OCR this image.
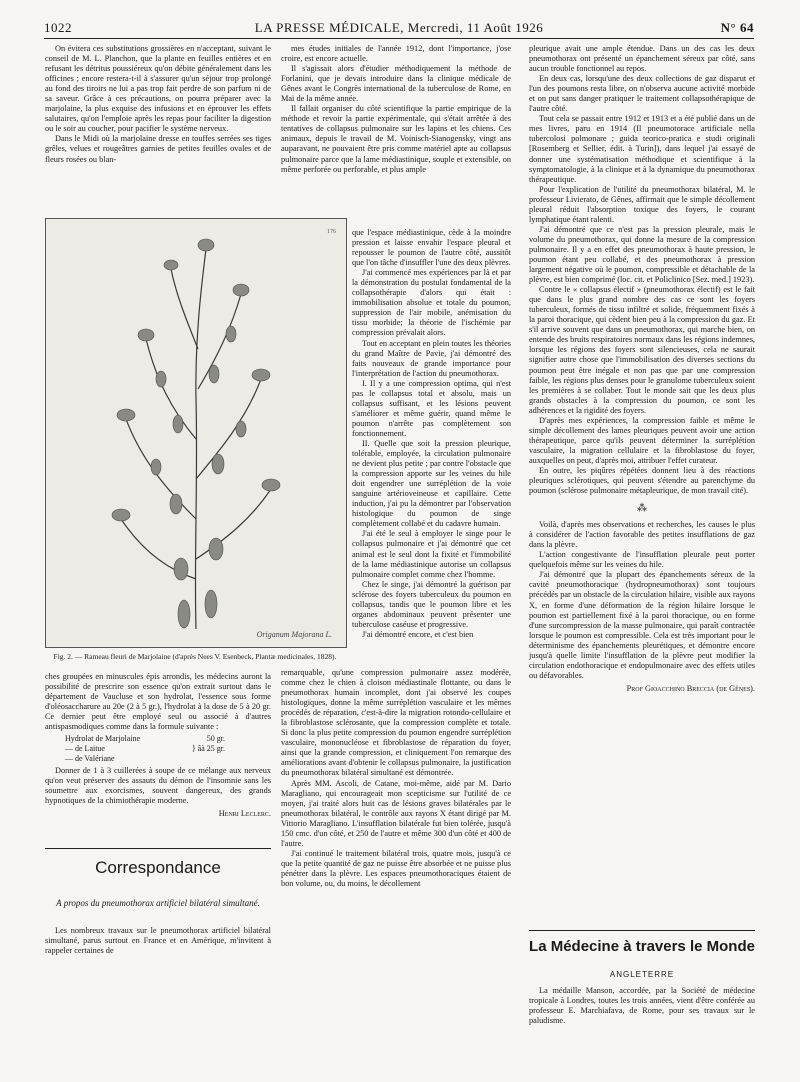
1022	LA PRESSE MÉDICALE, Mercredi, 11 Août 1926	N° 64

On évitera ces substitutions grossières en n'acceptant, suivant le conseil de M. L. Planchon, que la plante en feuilles entières et en refusant les détritus poussiéreux qu'on débite généralement dans les officines ; encore restera-t-il à s'assurer qu'un séjour trop prolongé au fond des tiroirs ne lui a pas trop fait perdre de son parfum ni de sa saveur. Grâce à ces précautions, on pourra préparer avec la marjolaine, la plus exquise des infusions et en éprouver les effets salutaires, qu'on l'emploie après les repas pour faciliter la digestion ou le soir au coucher, pour pacifier le système nerveux.

Dans le Midi où la marjolaine dresse en touffes serrées ses tiges grêles, velues et rougeâtres garnies de petites feuilles ovales et de fleurs rosées ou blan-

176
Origanum Majorana L.
Fig. 2. — Rameau fleuri de Marjolaine (d'après Nees V. Esenbeck, Plantæ medicinales, 1828).

mes études initiales de l'année 1912, dont l'importance, j'ose croire, est encore actuelle.

Il s'agissait alors d'étudier méthodiquement la méthode de Forlanini, que je devais introduire dans la clinique médicale de Gênes avant le Congrès international de la tuberculose de Rome, en Mai de la même année.

Il fallait organiser du côté scientifique la partie empirique de la méthode et revoir la partie expérimentale, qui s'était arrêtée à des tentatives de collapsus pulmonaire sur les lapins et les chiens. Ces animaux, depuis le travail de M. Voinisch-Sianogensky, vingt ans auparavant, ne pouvaient être pris comme matériel apte au collapsus pulmonaire parce que la lame médiastinique, souple et extensible, on même perforée ou perforable, et plus ample

que l'espace médiastinique, cède à la moindre pression et laisse envahir l'espace pleural et repousser le poumon de l'autre côté, aussitôt que l'on tâche d'insuffler l'une des deux plèvres.

J'ai commencé mes expériences par là et par la démonstration du postulat fondamental de la collapsothérapie d'alors qui était : immobilisation absolue et totale du poumon, suppression de l'air mobile, anémisation du tissu morbide; la théorie de l'ischémie par compression prévalait alors.

Tout en acceptant en plein toutes les théories du grand Maître de Pavie, j'ai démontré des faits nouveaux de grande importance pour l'interprétation de l'action du pneumothorax.

I. Il y a une compression optima, qui n'est pas le collapsus total et absolu, mais un collapsus suffisant, et les lésions peuvent s'améliorer et même guérir, quand même le poumon n'arrête pas complètement son fonctionnement.

II. Quelle que soit la pression pleurique, tolérable, employée, la circulation pulmonaire ne devient plus petite ; par contre l'obstacle que la compression apporte sur les veines du hile doit engendrer une surréplétion de la voie sanguine artérioveineuse et capillaire. Cette induction, j'ai pu la démontrer par l'observation histologique du poumon de singe complètement collabé et du cadavre humain.

J'ai été le seul à employer le singe pour le collapsus pulmonaire et j'ai démontré que cet animal est le seul dont la fixité et l'immobilité de la lame médiastinique autorise un collapsus pulmonaire complet comme chez l'homme.

Chez le singe, j'ai démontré la guérison par sclérose des foyers tuberculeux du poumon en collapsus, tandis que le poumon libre et les organes abdominaux peuvent présenter une tuberculose caséuse et progressive.

J'ai démontré encore, et c'est bien

ches groupées en minuscules épis arrondis, les médecins auront la possibilité de prescrire son essence qu'on extrait surtout dans le département de Vaucluse et son hydrolat, l'essence sous forme d'oléosaccharure au 20e (2 à 5 gr.), l'hydrolat à la dose de 5 à 20 gr. Ce dernier peut être employé seul ou associé à d'autres antispasmodiques comme dans la formule suivante :

Hydrolat de Marjolaine	50 gr.
— de Laitue	} âà 25 gr.
— de Valériane

Donner de 1 à 3 cuillerées à soupe de ce mélange aux nerveux qu'on veut préserver des assauts du démon de l'insomnie sans les soumettre aux exorcismes, souvent dangereux, des grands hypnotiques de la chimiothérapie moderne.

Henri Leclerc.

Correspondance
A propos du pneumothorax artificiel bilatéral simultané.

Les nombreux travaux sur le pneumothorax artificiel bilatéral simultané, parus surtout en France et en Amérique, m'invitent à rappeler certaines de

remarquable, qu'une compression pulmonaire assez modérée, comme chez le chien à cloison médiastinale flottante, ou dans le pneumothorax humain incomplet, dont j'ai observé les coupes histologiques, donne la même surréplétion vasculaire et les mêmes procédés de réparation, c'est-à-dire la migration rotondo-cellulaire et la fibroblastose sclérosante, que la compression complète et totale. Si donc la plus petite compression du poumon engendre surréplétion vasculaire, mononucléose et fibroblastose de réparation du foyer, ainsi que la grande compression, et cliniquement l'on remarque des améliorations avant d'obtenir le collapsus pulmonaire, la justification du pneumothorax bilatéral simultané est démontrée.

Après MM. Ascoli, de Catane, moi-même, aidé par M. Dario Maragliano, qui encourageait mon scepticisme sur l'utilité de ce moyen, j'ai traité alors huit cas de lésions graves bilatérales par le pneumothorax bilatéral, le contrôle aux rayons X étant dirigé par M. Vittorio Maragliano. L'insufflation bilatérale fut bien tolérée, jusqu'à 150 cmc. d'un côté, et 250 de l'autre et même 300 d'un côté et 400 de l'autre.

J'ai continué le traitement bilatéral trois, quatre mois, jusqu'à ce que la petite quantité de gaz ne puisse être absorbée et ne puisse plus pénétrer dans la plèvre. Les espaces pneumothoraciques étaient de bon volume, ou, du moins, le décollement

pleurique avait une ample étendue. Dans un des cas les deux pneumothorax ont présenté un épanchement séreux par côté, sans aucun trouble fonctionnel au repos.

En deux cas, lorsqu'une des deux collections de gaz disparut et l'un des poumons resta libre, on n'observa aucune activité morbide et on put sans danger pratiquer le traitement collapsothérapique de l'autre côté.

Tout cela se passait entre 1912 et 1913 et a été publié dans un de mes livres, paru en 1914 (Il pneumotorace artificiale nella tubercolosi polmonare ; guida teorico-pratica e studi originali [Rosemberg et Sellier, édit. à Turin]), dans lequel j'ai essayé de donner une systématisation méthodique et scientifique à la symptomatologie, à la clinique et à la dynamique du pneumothorax thérapeutique.

Pour l'explication de l'utilité du pneumothorax bilatéral, M. le professeur Livierato, de Gênes, affirmait que le simple décollement pleural réduit l'absorption toxique des foyers, le courant lymphatique étant ralenti.

J'ai démontré que ce n'est pas la pression pleurale, mais le volume du pneumothorax, qui donne la mesure de la compression pulmonaire. Il y a en effet des pneumothorax à haute pression, le poumon étant peu collabé, et des pneumothorax à pression largement négative où le poumon, compressible et détachable de la plèvre, est bien comprimé (loc. cit. et Policlinico [Sez. med.] 1923).

Contre le « collapsus électif » (pneumothorax électif) est le fait que dans le plus grand nombre des cas ce sont les foyers tuberculeux, formés de tissu infiltré et solide, fréquemment fixés à la paroi thoracique, qui cèdent bien peu à la compression du gaz. Et s'il arrive souvent que dans un pneumothorax, qui marche bien, on entende des bruits respiratoires normaux dans les régions indemnes, lorsque les régions des foyers sont silencieuses, cela ne saurait signifier autre chose que l'immobilisation des diverses sections du poumon peut être inégale et non pas que par une compression faible, les régions plus denses pour le granulome tuberculeux soient les premières à se collaber. Tout le monde sait que les deux plus grands obstacles à la compression du poumon, ce sont les adhérences et la rigidité des foyers.

D'après mes expériences, la compression faible et même le simple décollement des lames pleuriques peuvent avoir une action thérapeutique, parce qu'ils peuvent déterminer la surréplétion vasculaire, la migration cellulaire et la fibroblastose du foyer, auxquelles on peut, d'après moi, attribuer l'effet curateur.

En outre, les piqûres répétées donnent lieu à des réactions pleuriques sclérotiques, qui peuvent s'étendre au parenchyme du poumon (sclérose pulmonaire métapleurique, de mon travail cité).

⁂

Voilà, d'après mes observations et recherches, les causes le plus à considérer de l'action favorable des petites insufflations de gaz dans la plèvre.

L'action congestivante de l'insufflation pleurale peut porter quelquefois même sur les veines du hile.

J'ai démontré que la plupart des épanchements séreux de la cavité pneumothoracique (hydropneumothorax) sont toujours précédés par un obstacle de la circulation hilaire, visible aux rayons X, en forme d'une déformation de la région hilaire lorsque le poumon est partiellement fixé à la paroi thoracique, ou en forme d'une surcompression de la masse pulmonaire, qui paraît contractée lorsque le poumon est compressible. Cela est très important pour le déterminisme des épanchements pleurétiques, et démontre encore jusqu'à quelle limite l'insufflation de la plèvre peut modifier la circulation endothoracique et endopulmonaire avec des effets utiles ou défavorables.

Prof Gioacchino Breccia (de Gênes).

La Médecine à travers le Monde
ANGLETERRE

La médaille Manson, accordée, par la Société de médecine tropicale à Londres, toutes les trois années, vient d'être conférée au professeur E. Marchiafava, de Rome, pour ses travaux sur le paludisme.
